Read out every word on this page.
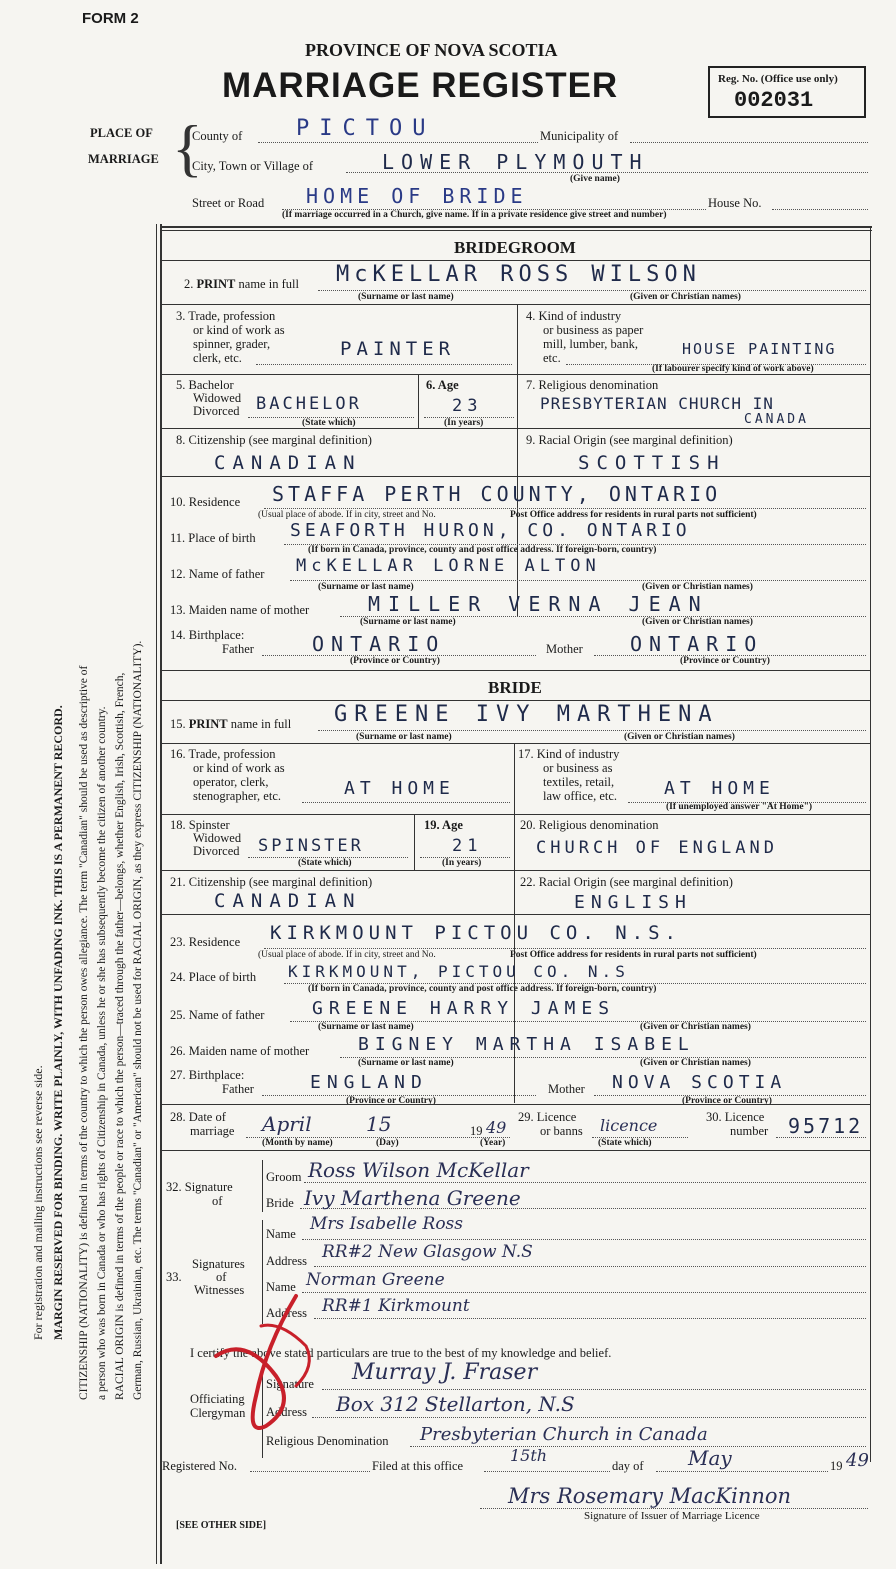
FORM 2
PROVINCE OF NOVA SCOTIA
MARRIAGE REGISTER	Reg. No. (Office use only)
002031
PLACE OF
MARRIAGE {
County of PICTOU	Municipality of
City, Town or Village of	LOWER PLYMOUTH
(Give name)
Street or Road HOME OF BRIDE	House No.
(If marriage occurred in a Church, give name. If in a private residence give street and number)
For registration and mailing instructions see reverse side. MARGIN RESERVED FOR BINDING. WRITE PLAINLY, WITH UNFADING INK. THIS IS A PERMANENT RECORD. CITIZENSHIP (NATIONALITY) is defined in terms of the country to which the person owes allegiance. The term "Canadian" should be used as descriptive of a person who was born in Canada or who has rights of Citizenship in Canada, unless he or she has subsequently become the citizen of another country. RACIAL ORIGIN is defined in terms of the people or race to which the person—traced through the father—belongs, whether English, Irish, Scottish, French, German, Russian, Ukrainian, etc. The terms "Canadian" or "American" should not be used for RACIAL ORIGIN, as they express CITIZENSHIP (NATIONALITY).
BRIDEGROOM
2. PRINT name in full McKELLAR ROSS WILSON
(Surname or last name)	(Given or Christian names)
3. Trade, profession
or kind of work as
spinner, grader,
clerk, etc.	PAINTER
4. Kind of industry
or business as paper
mill, lumber, bank,
etc.	HOUSE PAINTING
(If labourer specify kind of work above)
5. Bachelor
Widowed
Divorced BACHELOR
(State which)
6. Age
23
(In years)
7. Religious denomination
PRESBYTERIAN CHURCH IN
CANADA
8. Citizenship (see marginal definition)
CANADIAN
9. Racial Origin (see marginal definition)
SCOTTISH
10. Residence STAFFA PERTH COUNTY, ONTARIO
(Usual place of abode. If in city, street and No.	Post Office address for residents in rural parts not sufficient)
11. Place of birth SEAFORTH HURON, CO. ONTARIO
(If born in Canada, province, county and post office address. If foreign-born, country)
12. Name of father McKELLAR LORNE ALTON
(Surname or last name)	(Given or Christian names)
13. Maiden name of mother	MILLER VERNA JEAN
(Surname or last name)	(Given or Christian names)
14. Birthplace:
Father	ONTARIO
(Province or Country)
Mother ONTARIO
(Province or Country)
BRIDE
15. PRINT name in full GREENE IVY MARTHENA
(Surname or last name)	(Given or Christian names)
16. Trade, profession
or kind of work as
operator, clerk,
stenographer, etc.	AT HOME
17. Kind of industry
or business as
textiles, retail,
law office, etc.	AT HOME
(If unemployed answer "At Home")
18. Spinster
Widowed
Divorced SPINSTER
(State which)
19. Age
21
(In years)
20. Religious denomination
CHURCH OF ENGLAND
21. Citizenship (see marginal definition)
CANADIAN
22. Racial Origin (see marginal definition)
ENGLISH
23. Residence KIRKMOUNT PICTOU CO. N.S.
(Usual place of abode. If in city, street and No.	Post Office address for residents in rural parts not sufficient)
24. Place of birth KIRKMOUNT, PICTOU CO. N.S
(If born in Canada, province, county and post office address. If foreign-born, country)
25. Name of father	GREENE HARRY JAMES
(Surname or last name)	(Given or Christian names)
26. Maiden name of mother	BIGNEY MARTHA ISABEL
(Surname or last name)	(Given or Christian names)
27. Birthplace:
Father	ENGLAND
(Province or Country)
Mother NOVA SCOTIA
(Province or Country)
28. Date of
marriage April	15	19 49
(Month by name)	(Day)	(Year)
29. Licence
or banns licence
(State which)
30. Licence
number 95712
32. Signature
of
Groom Ross Wilson McKellar
Bride Ivy Marthena Greene
Signatures
33.	of
Witnesses
Name Mrs Isabelle Ross
Address RR#2 New Glasgow N.S
Name Norman Greene
Address RR#1 Kirkmount
I certify the above stated particulars are true to the best of my knowledge and belief.
Officiating
Clergyman
Signature Murray J. Fraser
Address Box 312 Stellarton, N.S
Religious Denomination Presbyterian Church in Canada
Registered No.	Filed at this office
15th
day of May	19 49
Mrs Rosemary MacKinnon
Signature of Issuer of Marriage Licence
[SEE OTHER SIDE]
